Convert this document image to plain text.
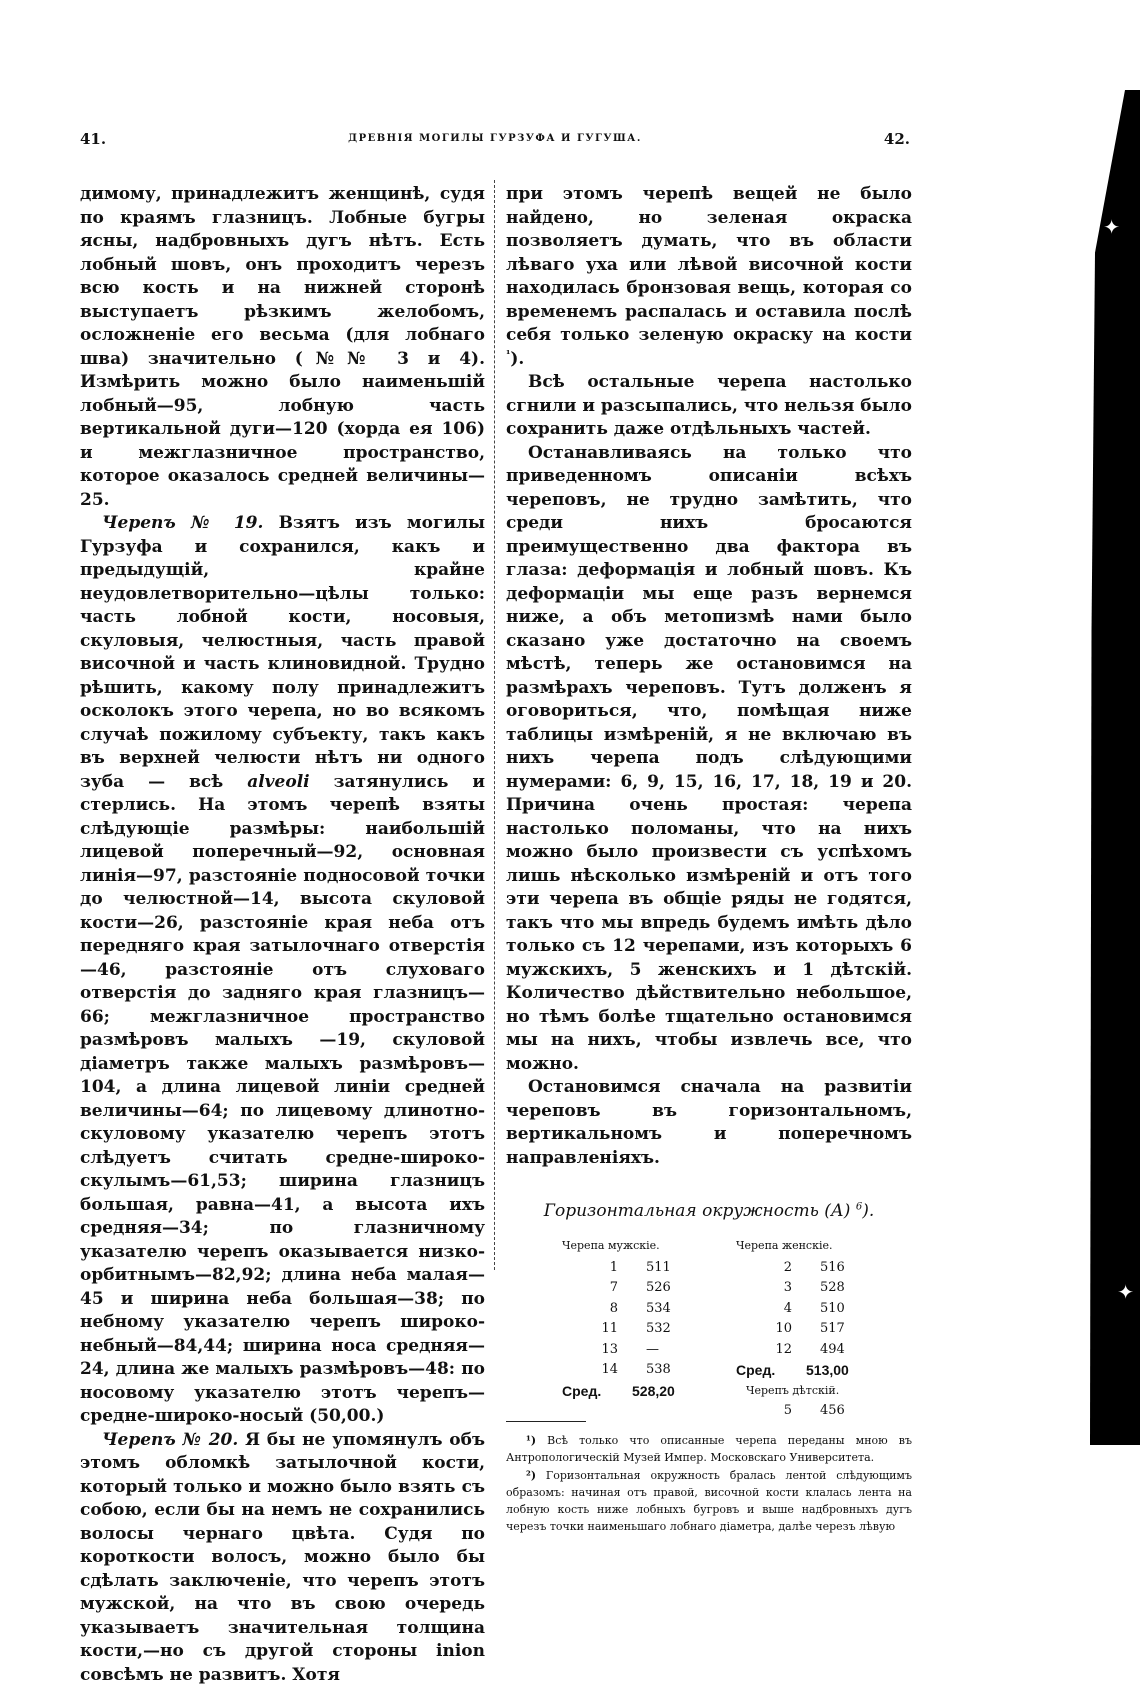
✦
✦
41.	ДРЕВНІЯ МОГИЛЫ ГУРЗУФА И ГУГУША.	42.

димому, принадлежитъ женщинѣ, судя по краямъ глазницъ. Лобные бугры ясны, надбровныхъ дугъ нѣтъ. Есть лобный шовъ, онъ проходитъ черезъ всю кость и на нижней сторонѣ выступаетъ рѣзкимъ желобомъ, осложненіе его весьма (для лобнаго шва) значительно (№№ 3 и 4). Измѣрить можно было наименьшій лобный—95, лобную часть вертикальной дуги—120 (хорда ея 106) и межглазничное пространство, которое оказалось средней величины—25.

Черепъ № 19. Взятъ изъ могилы Гурзуфа и сохранился, какъ и предыдущій, крайне неудовлетворительно—цѣлы только: часть лобной кости, носовыя, скуловыя, челюстныя, часть правой височной и часть клиновидной. Трудно рѣшить, какому полу принадлежитъ осколокъ этого черепа, но во всякомъ случаѣ пожилому субъекту, такъ какъ въ верхней челюсти нѣтъ ни одного зуба — всѣ alveoli затянулись и стерлись. На этомъ черепѣ взяты слѣдующіе размѣры: наибольшій лицевой поперечный—92, основная линія—97, разстояніе подносовой точки до челюстной—14, высота скуловой кости—26, разстояніе края неба отъ передняго края затылочнаго отверстія—46, разстояніе отъ слуховаго отверстія до задняго края глазницъ—66; межглазничное пространство размѣровъ малыхъ —19, скуловой діаметръ также малыхъ размѣровъ—104, а длина лицевой линіи средней величины—64; по лицевому длинотно-скуловому указателю черепъ этотъ слѣдуетъ считать средне-широко-скулымъ—61,53; ширина глазницъ большая, равна—41, а высота ихъ средняя—34; по глазничному указателю черепъ оказывается низко-орбитнымъ—82,92; длина неба малая—45 и ширина неба большая—38; по небному указателю черепъ широко-небный—84,44; ширина носа средняя—24, длина же малыхъ размѣровъ—48: по носовому указателю этотъ черепъ—средне-широко-носый (50,00.)

Черепъ № 20. Я бы не упомянулъ объ этомъ обломкѣ затылочной кости, который только и можно было взять съ собою, если бы на немъ не сохранились волосы чернаго цвѣта. Судя по короткости волосъ, можно было бы сдѣлать заключеніе, что черепъ этотъ мужской, на что въ свою очередь указываетъ значительная толщина кости,—но съ другой стороны inion совсѣмъ не развитъ. Хотя

при этомъ черепѣ вещей не было найдено, но зеленая окраска позволяетъ думать, что въ области лѣваго уха или лѣвой височной кости находилась бронзовая вещь, которая со временемъ распалась и оставила послѣ себя только зеленую окраску на кости $^{^1}$).

Всѣ остальные черепа настолько сгнили и разсыпались, что нельзя было сохранить даже отдѣльныхъ частей.

Останавливаясь на только что приведенномъ описаніи всѣхъ череповъ, не трудно замѣтить, что среди нихъ бросаются преимущественно два фактора въ глаза: деформація и лобный шовъ. Къ деформаціи мы еще разъ вернемся ниже, а объ метопизмѣ нами было сказано уже достаточно на своемъ мѣстѣ, теперь же остановимся на размѣрахъ череповъ. Тутъ долженъ я оговориться, что, помѣщая ниже таблицы измѣреній, я не включаю въ нихъ черепа подъ слѣдующими нумерами: 6, 9, 15, 16, 17, 18, 19 и 20. Причина очень простая: черепа настолько поломаны, что на нихъ можно было произвести съ успѣхомъ лишь нѣсколько измѣреній и отъ того эти черепа въ общіе ряды не годятся, такъ что мы впредь будемъ имѣть дѣло только съ 12 черепами, изъ которыхъ 6 мужскихъ, 5 женскихъ и 1 дѣтскій. Количество дѣйствительно небольшое, но тѣмъ болѣе тщательно остановимся мы на нихъ, чтобы извлечь все, что можно.

Остановимся сначала на развитіи череповъ въ горизонтальномъ, вертикальномъ и поперечномъ направленіяхъ.

Горизонтальная окружность (А) $^6$).
Черепа мужскіе.
1	511
7	526
8	534
11	532
13	—
14	538
Сред.	528,20
Черепа женскіе.
2	516
3	528
4	510
10	517
12	494
Сред.	513,00
Черепъ дѣтскій.
5	456

¹) Всѣ только что описанные черепа переданы мною въ Антропологическій Музей Импер. Московскаго Университета.

²) Горизонтальная окружность бралась лентой слѣдующимъ образомъ: начиная отъ правой, височной кости клалась лента на лобную кость ниже лобныхъ бугровъ и выше надбровныхъ дугъ черезъ точки наименьшаго лобнаго діаметра, далѣе черезъ лѣвую
